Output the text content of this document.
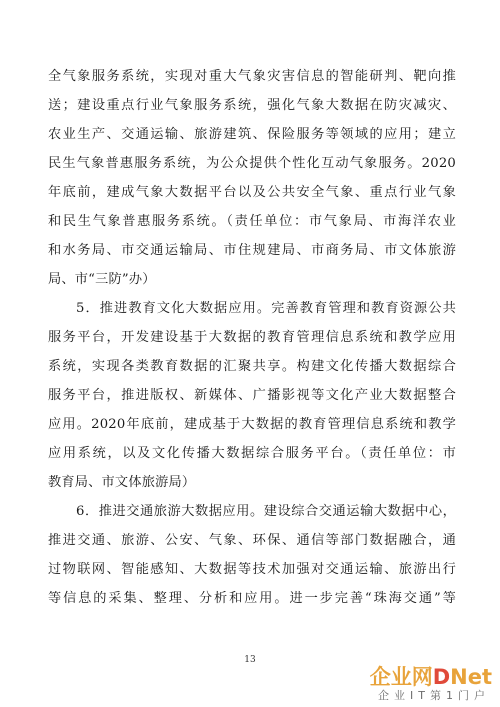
全气象服务系统，实现对重大气象灾害信息的智能研判、靶向推
送；建设重点行业气象服务系统，强化气象大数据在防灾减灾、
农业生产、交通运输、旅游建筑、保险服务等领域的应用；建立
民生气象普惠服务系统，为公众提供个性化互动气象服务。2020
年底前，建成气象大数据平台以及公共安全气象、重点行业气象
和民生气象普惠服务系统。（责任单位：市气象局、市海洋农业
和水务局、市交通运输局、市住规建局、市商务局、市文体旅游
局、市“三防”办）
5．推进教育文化大数据应用。完善教育管理和教育资源公共
服务平台，开发建设基于大数据的教育管理信息系统和教学应用
系统，实现各类教育数据的汇聚共享。构建文化传播大数据综合
服务平台，推进版权、新媒体、广播影视等文化产业大数据整合
应用。2020年底前，建成基于大数据的教育管理信息系统和教学
应用系统，以及文化传播大数据综合服务平台。（责任单位：市
教育局、市文体旅游局）
6．推进交通旅游大数据应用。建设综合交通运输大数据中心，
推进交通、旅游、公安、气象、环保、通信等部门数据融合，通
过物联网、智能感知、大数据等技术加强对交通运输、旅游出行
等信息的采集、整理、分析和应用。进一步完善“珠海交通”等
13
企业网DNet
企业IT第1门户
